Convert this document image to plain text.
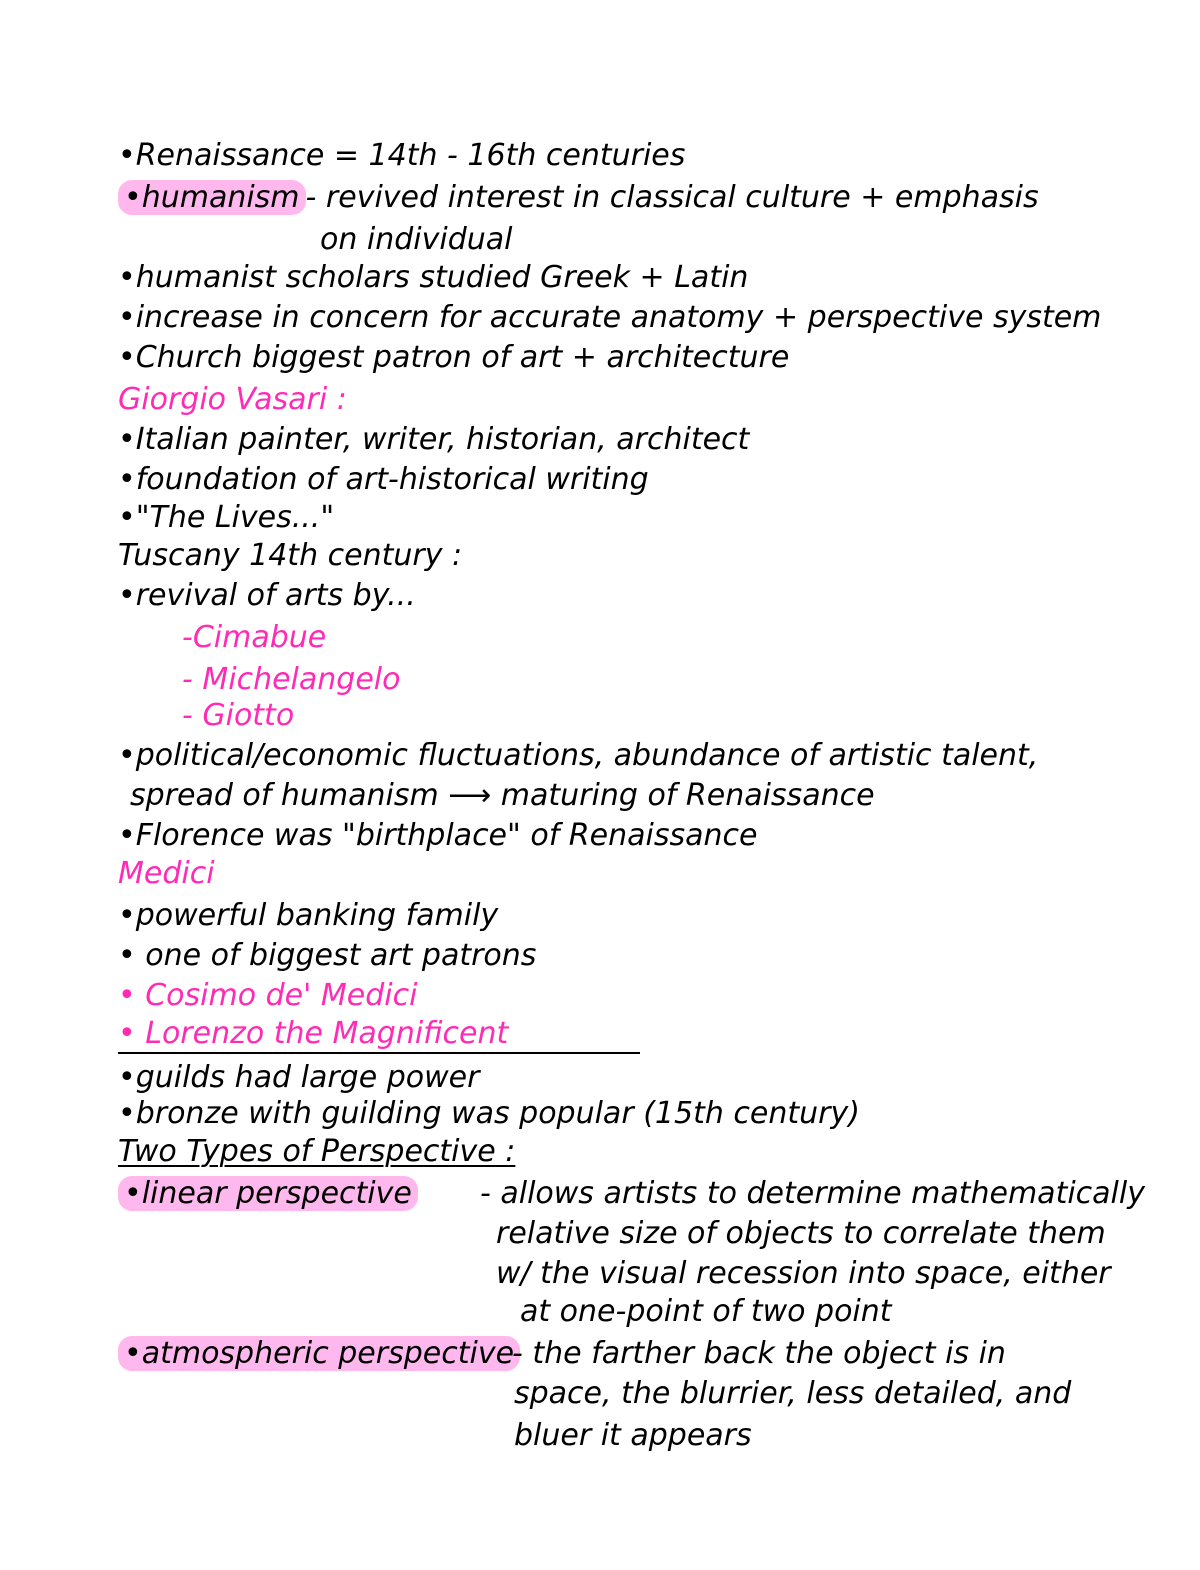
•Renaissance = 14th - 16th centuries
•humanism - revived interest in classical culture + emphasis
on individual
•humanist scholars studied Greek + Latin
•increase in concern for accurate anatomy + perspective system
•Church biggest patron of art + architecture
Giorgio Vasari :
•Italian painter, writer, historian, architect
•foundation of art-historical writing
•"The Lives..."
Tuscany 14th century :
•revival of arts by...
-Cimabue
- Michelangelo
- Giotto
•political/economic fluctuations, abundance of artistic talent,
spread of humanism ⟶ maturing of Renaissance
•Florence was "birthplace" of Renaissance
Medici
•powerful banking family
• one of biggest art patrons
• Cosimo de' Medici
• Lorenzo the Magnificent
•guilds had large power
•bronze with guilding was popular (15th century)
Two Types of Perspective :
•linear perspective - allows artists to determine mathematically
relative size of objects to correlate them
w/ the visual recession into space, either
at one-point of two point
•atmospheric perspective
- the farther back the object is in
space, the blurrier, less detailed, and
bluer it appears
